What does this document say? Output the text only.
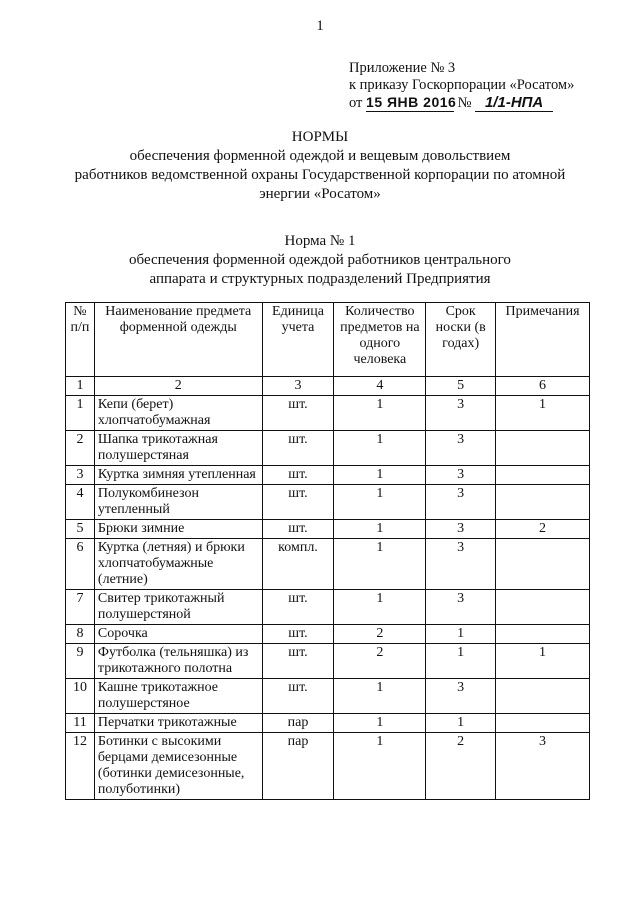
1
Приложение № 3
к приказу Госкорпорации «Росатом»
от 15 ЯНВ 2016 № 1/1-НПА
НОРМЫ
обеспечения форменной одеждой и вещевым довольствием
работников ведомственной охраны Государственной корпорации по атомной
энергии «Росатом»
Норма № 1
обеспечения форменной одеждой работников центрального
аппарата и структурных подразделений Предприятия
№ п/п	Наименование предмета форменной одежды	Единица учета	Количество предметов на одного человека	Срок носки (в годах)	Примечания
1	2	3	4	5	6
1	Кепи (берет) хлопчатобумажная	шт.	1	3	1
2	Шапка трикотажная полушерстяная	шт.	1	3	
3	Куртка зимняя утепленная	шт.	1	3	
4	Полукомбинезон утепленный	шт.	1	3	
5	Брюки зимние	шт.	1	3	2
6	Куртка (летняя) и брюки хлопчатобумажные (летние)	компл.	1	3	
7	Свитер трикотажный полушерстяной	шт.	1	3	
8	Сорочка	шт.	2	1	
9	Футболка (тельняшка) из трикотажного полотна	шт.	2	1	1
10	Кашне трикотажное полушерстяное	шт.	1	3	
11	Перчатки трикотажные	пар	1	1	
12	Ботинки с высокими берцами демисезонные (ботинки демисезонные, полуботинки)	пар	1	2	3
